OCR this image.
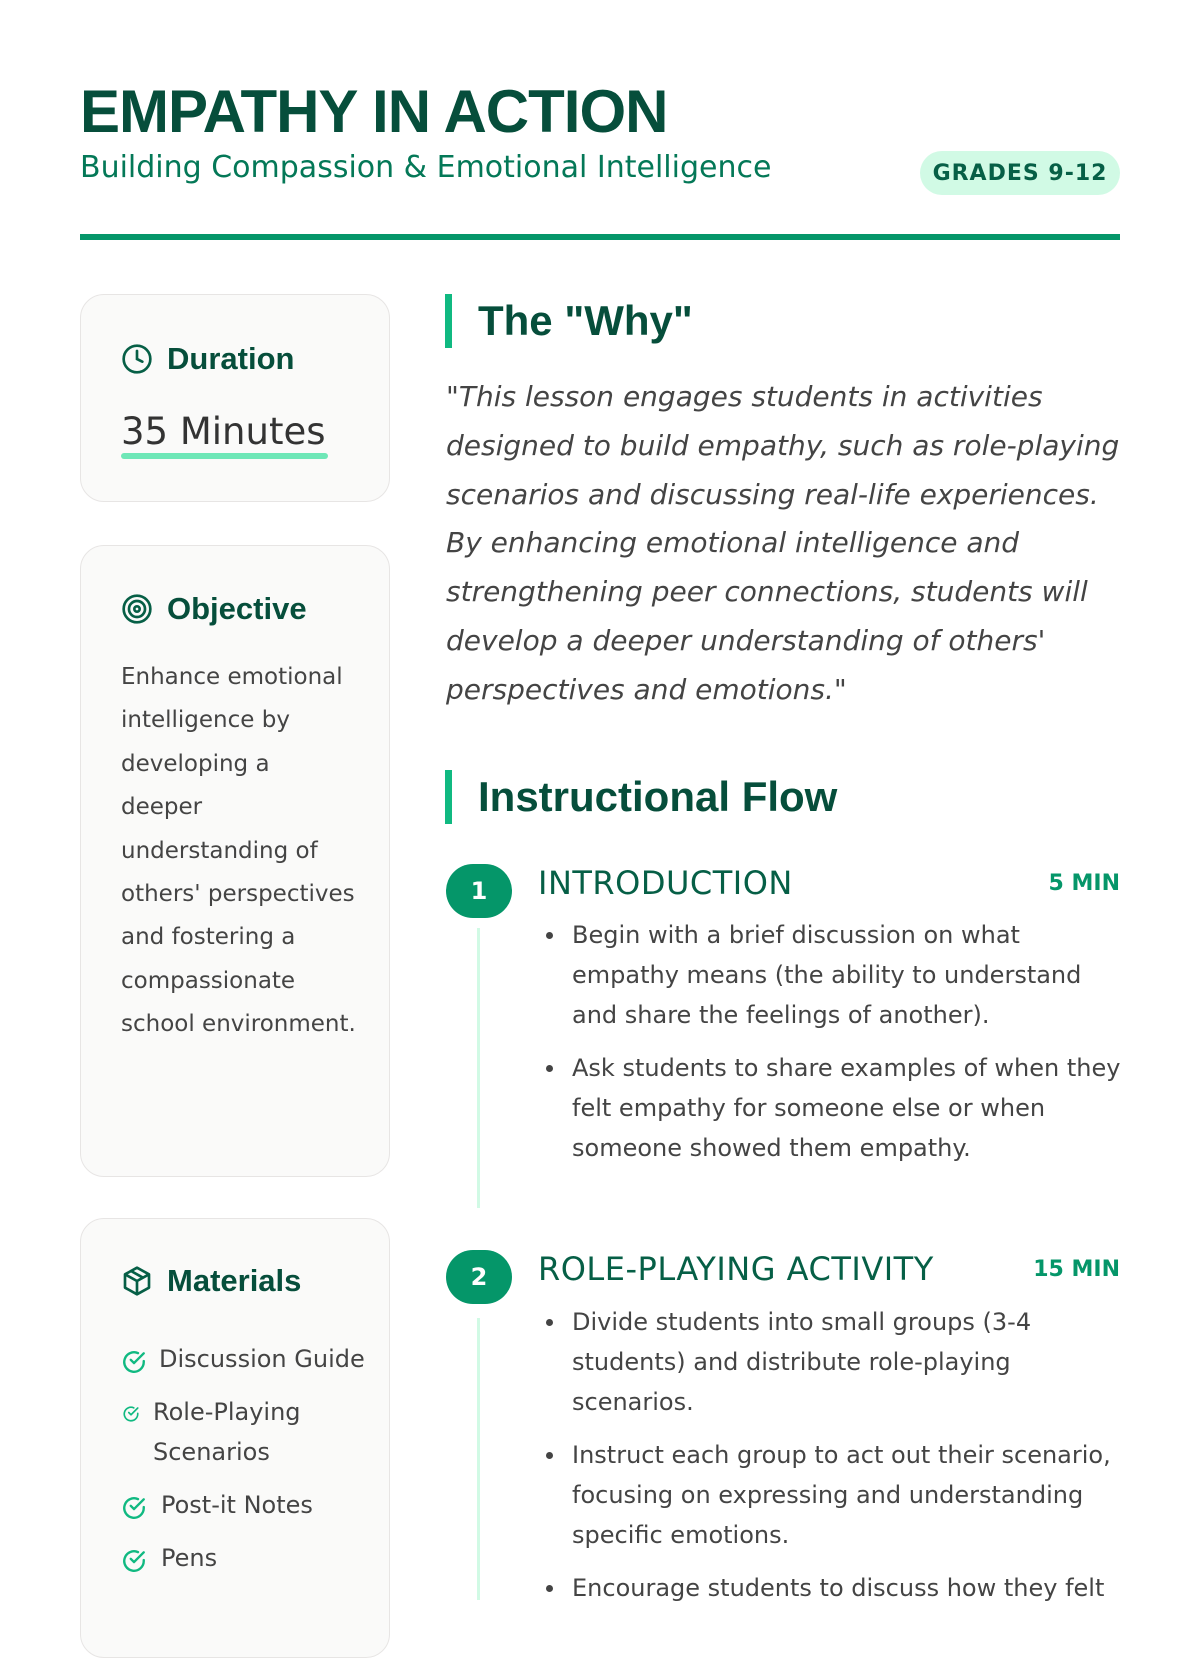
EMPATHY IN ACTION
Building Compassion & Emotional Intelligence	GRADES 9-12
Duration
35 Minutes
Objective

Enhance emotional intelligence by developing a deeper understanding of others' perspectives and fostering a compassionate school environment.

Materials
Discussion Guide
Role-Playing Scenarios
Post-it Notes
Pens
The "Why"

"This lesson engages students in activities designed to build empathy, such as role-playing scenarios and discussing real-life experiences. By enhancing emotional intelligence and strengthening peer connections, students will develop a deeper understanding of others' perspectives and emotions."

Instructional Flow
1	INTRODUCTION	5 MIN
Begin with a brief discussion on what empathy means (the ability to understand and share the feelings of another).
Ask students to share examples of when they felt empathy for someone else or when someone showed them empathy.
2	ROLE-PLAYING ACTIVITY	15 MIN
Divide students into small groups (3-4 students) and distribute role-playing scenarios.
Instruct each group to act out their scenario, focusing on expressing and understanding specific emotions.
Encourage students to discuss how they felt
